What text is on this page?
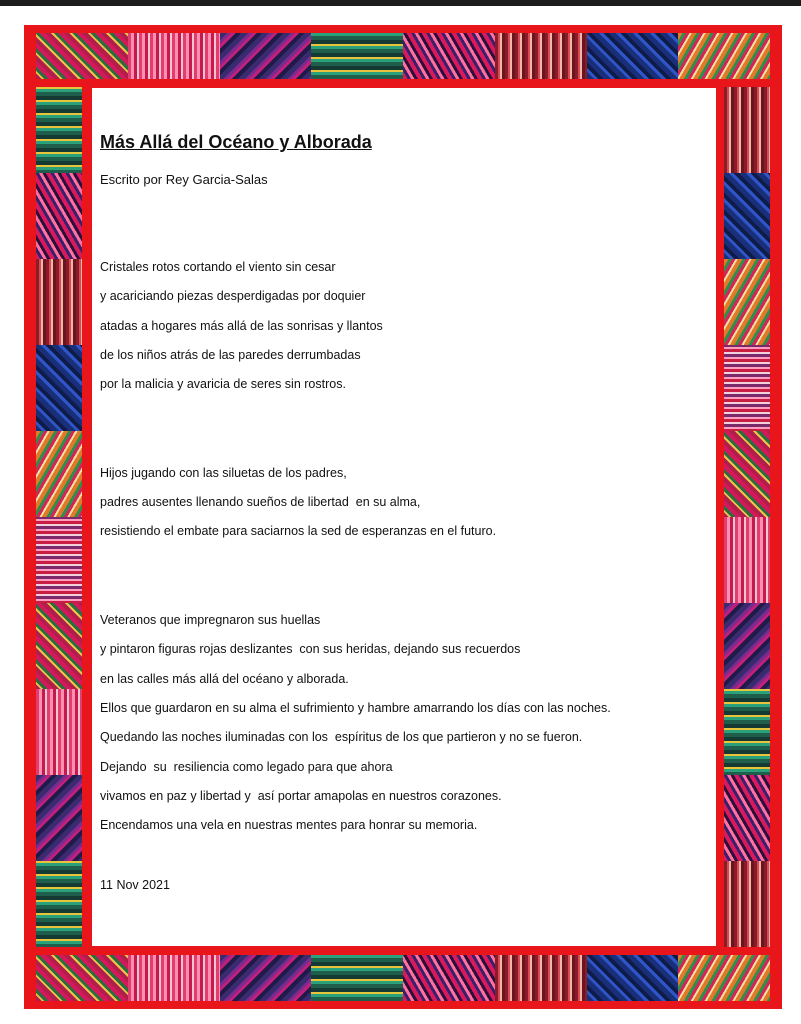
Más Allá del Océano y Alborada

Escrito por Rey Garcia-Salas

Cristales rotos cortando el viento sin cesar

y acariciando piezas desperdigadas por doquier

atadas a hogares más allá de las sonrisas y llantos

de los niños atrás de las paredes derrumbadas

por la malicia y avaricia de seres sin rostros.

Hijos jugando con las siluetas de los padres,

padres ausentes llenando sueños de libertad  en su alma,

resistiendo el embate para saciarnos la sed de esperanzas en el futuro.

Veteranos que impregnaron sus huellas

y pintaron figuras rojas deslizantes  con sus heridas, dejando sus recuerdos

en las calles más allá del océano y alborada.

Ellos que guardaron en su alma el sufrimiento y hambre amarrando los días con las noches.

Quedando las noches iluminadas con los  espíritus de los que partieron y no se fueron.

Dejando  su  resiliencia como legado para que ahora

vivamos en paz y libertad y  así portar amapolas en nuestros corazones.

Encendamos una vela en nuestras mentes para honrar su memoria.

11 Nov 2021
